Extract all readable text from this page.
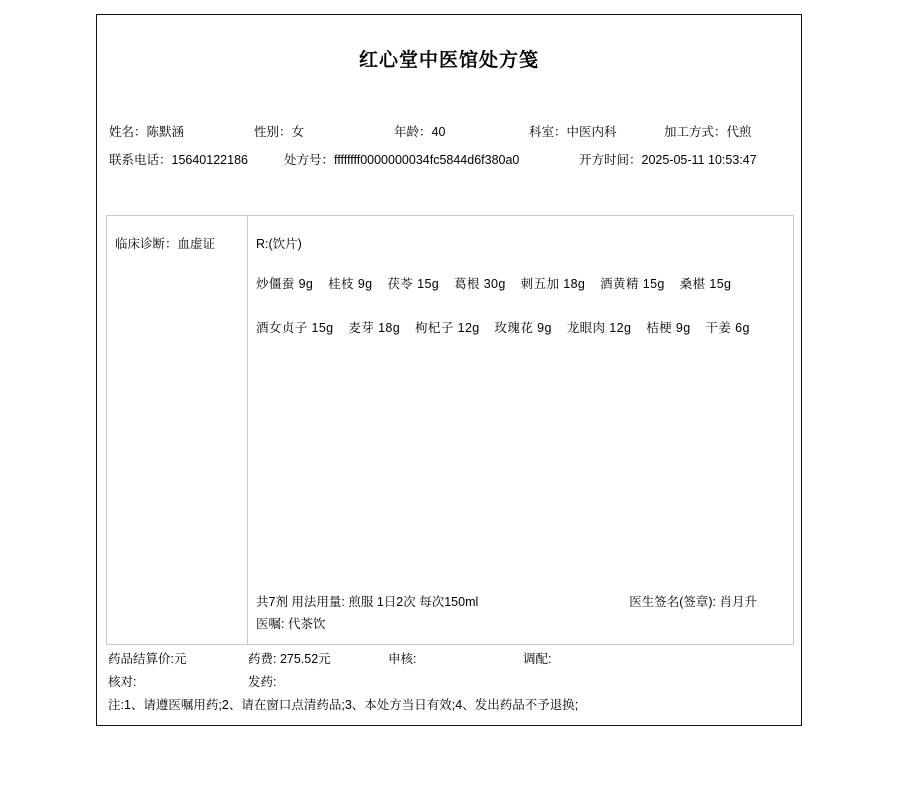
红心堂中医馆处方笺
姓名：陈默涵	性别：女	年龄：40	科室：中医内科	加工方式：代煎
联系电话：15640122186	处方号：ffffffff0000000034fc5844d6f380a0	开方时间：2025-05-11 10:53:47
临床诊断：血虚证	R:(饮片)
炒僵蚕 9g 桂枝 9g 茯苓 15g 葛根 30g 刺五加 18g 酒黄精 15g 桑椹 15g
酒女贞子 15g 麦芽 18g 枸杞子 12g 玫瑰花 9g 龙眼肉 12g 桔梗 9g 干姜 6g
共7剂 用法用量: 煎服 1日2次 每次150ml	医生签名(签章): 肖月升
医嘱: 代茶饮
药品结算价:元	药费: 275.52元	申核:	调配:
核对:	发药:
注:1、请遵医嘱用药;2、请在窗口点清药品;3、本处方当日有效;4、发出药品不予退换;
